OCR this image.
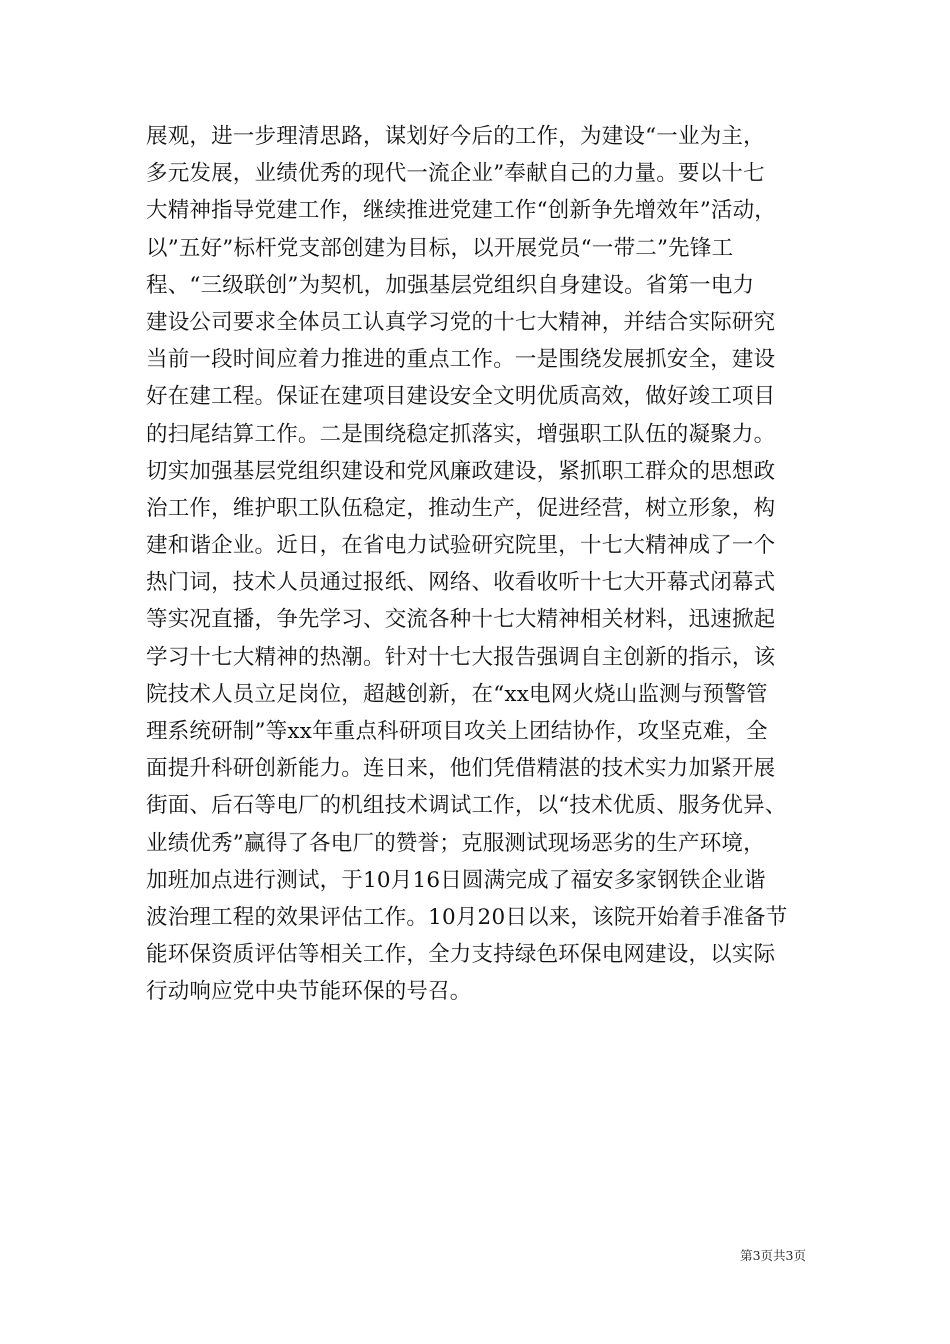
展观，进一步理清思路，谋划好今后的工作，为建设“一业为主，
多元发展，业绩优秀的现代一流企业”奉献自己的力量。要以十七
大精神指导党建工作，继续推进党建工作“创新争先增效年”活动，
以”五好”标杆党支部创建为目标，以开展党员“一带二”先锋工
程、“三级联创”为契机，加强基层党组织自身建设。省第一电力
建设公司要求全体员工认真学习党的十七大精神，并结合实际研究
当前一段时间应着力推进的重点工作。一是围绕发展抓安全，建设
好在建工程。保证在建项目建设安全文明优质高效，做好竣工项目
的扫尾结算工作。二是围绕稳定抓落实，增强职工队伍的凝聚力。
切实加强基层党组织建设和党风廉政建设，紧抓职工群众的思想政
治工作，维护职工队伍稳定，推动生产，促进经营，树立形象，构
建和谐企业。近日，在省电力试验研究院里，十七大精神成了一个
热门词，技术人员通过报纸、网络、收看收听十七大开幕式闭幕式
等实况直播，争先学习、交流各种十七大精神相关材料，迅速掀起
学习十七大精神的热潮。针对十七大报告强调自主创新的指示，该
院技术人员立足岗位，超越创新，在“xx电网火烧山监测与预警管
理系统研制”等xx年重点科研项目攻关上团结协作，攻坚克难，全
面提升科研创新能力。连日来，他们凭借精湛的技术实力加紧开展
街面、后石等电厂的机组技术调试工作，以“技术优质、服务优异、
业绩优秀”赢得了各电厂的赞誉；克服测试现场恶劣的生产环境，
加班加点进行测试，于10月16日圆满完成了福安多家钢铁企业谐
波治理工程的效果评估工作。10月20日以来，该院开始着手准备节
能环保资质评估等相关工作，全力支持绿色环保电网建设，以实际
行动响应党中央节能环保的号召。
第3页共3页
